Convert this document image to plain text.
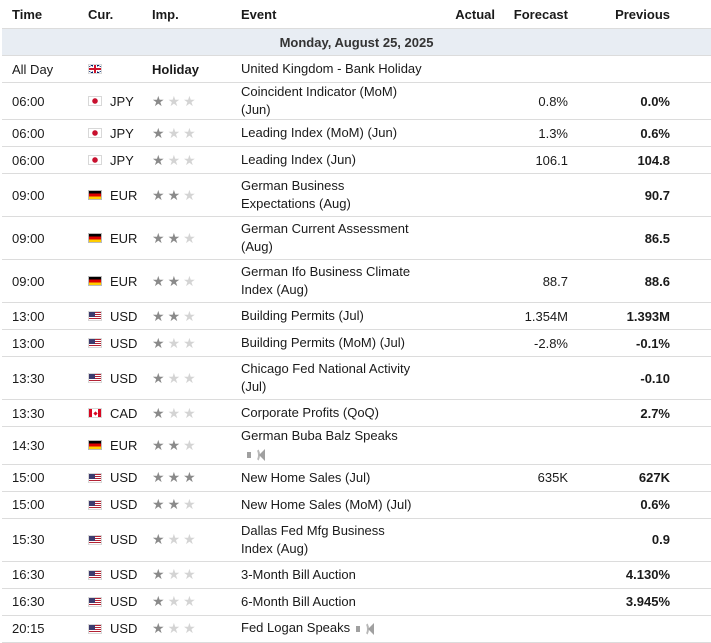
Time	Cur.	Imp.	Event	Actual	Forecast	Previous
Monday, August 25, 2025						
All Day		Holiday	United Kingdom - Bank Holiday			
06:00	JPY	★ ★ ★	Coincident Indicator (MoM) (Jun)		0.8%	0.0%
06:00	JPY	★ ★ ★	Leading Index (MoM) (Jun)		1.3%	0.6%
06:00	JPY	★ ★ ★	Leading Index (Jun)		106.1	104.8
09:00	EUR	★ ★ ★	German Business Expectations (Aug)			90.7
09:00	EUR	★ ★ ★	German Current Assessment (Aug)			86.5
09:00	EUR	★ ★ ★	German Ifo Business Climate Index (Aug)		88.7	88.6
13:00	USD	★ ★ ★	Building Permits (Jul)		1.354M	1.393M
13:00	USD	★ ★ ★	Building Permits (MoM) (Jul)		-2.8%	-0.1%
13:30	USD	★ ★ ★	Chicago Fed National Activity (Jul)			-0.10
13:30	CAD	★ ★ ★	Corporate Profits (QoQ)			2.7%
14:30	EUR	★ ★ ★	German Buba Balz Speaks			
15:00	USD	★ ★ ★	New Home Sales (Jul)		635K	627K
15:00	USD	★ ★ ★	New Home Sales (MoM) (Jul)			0.6%
15:30	USD	★ ★ ★	Dallas Fed Mfg Business Index (Aug)			0.9
16:30	USD	★ ★ ★	3-Month Bill Auction			4.130%
16:30	USD	★ ★ ★	6-Month Bill Auction			3.945%
20:15	USD	★ ★ ★	Fed Logan Speaks			
